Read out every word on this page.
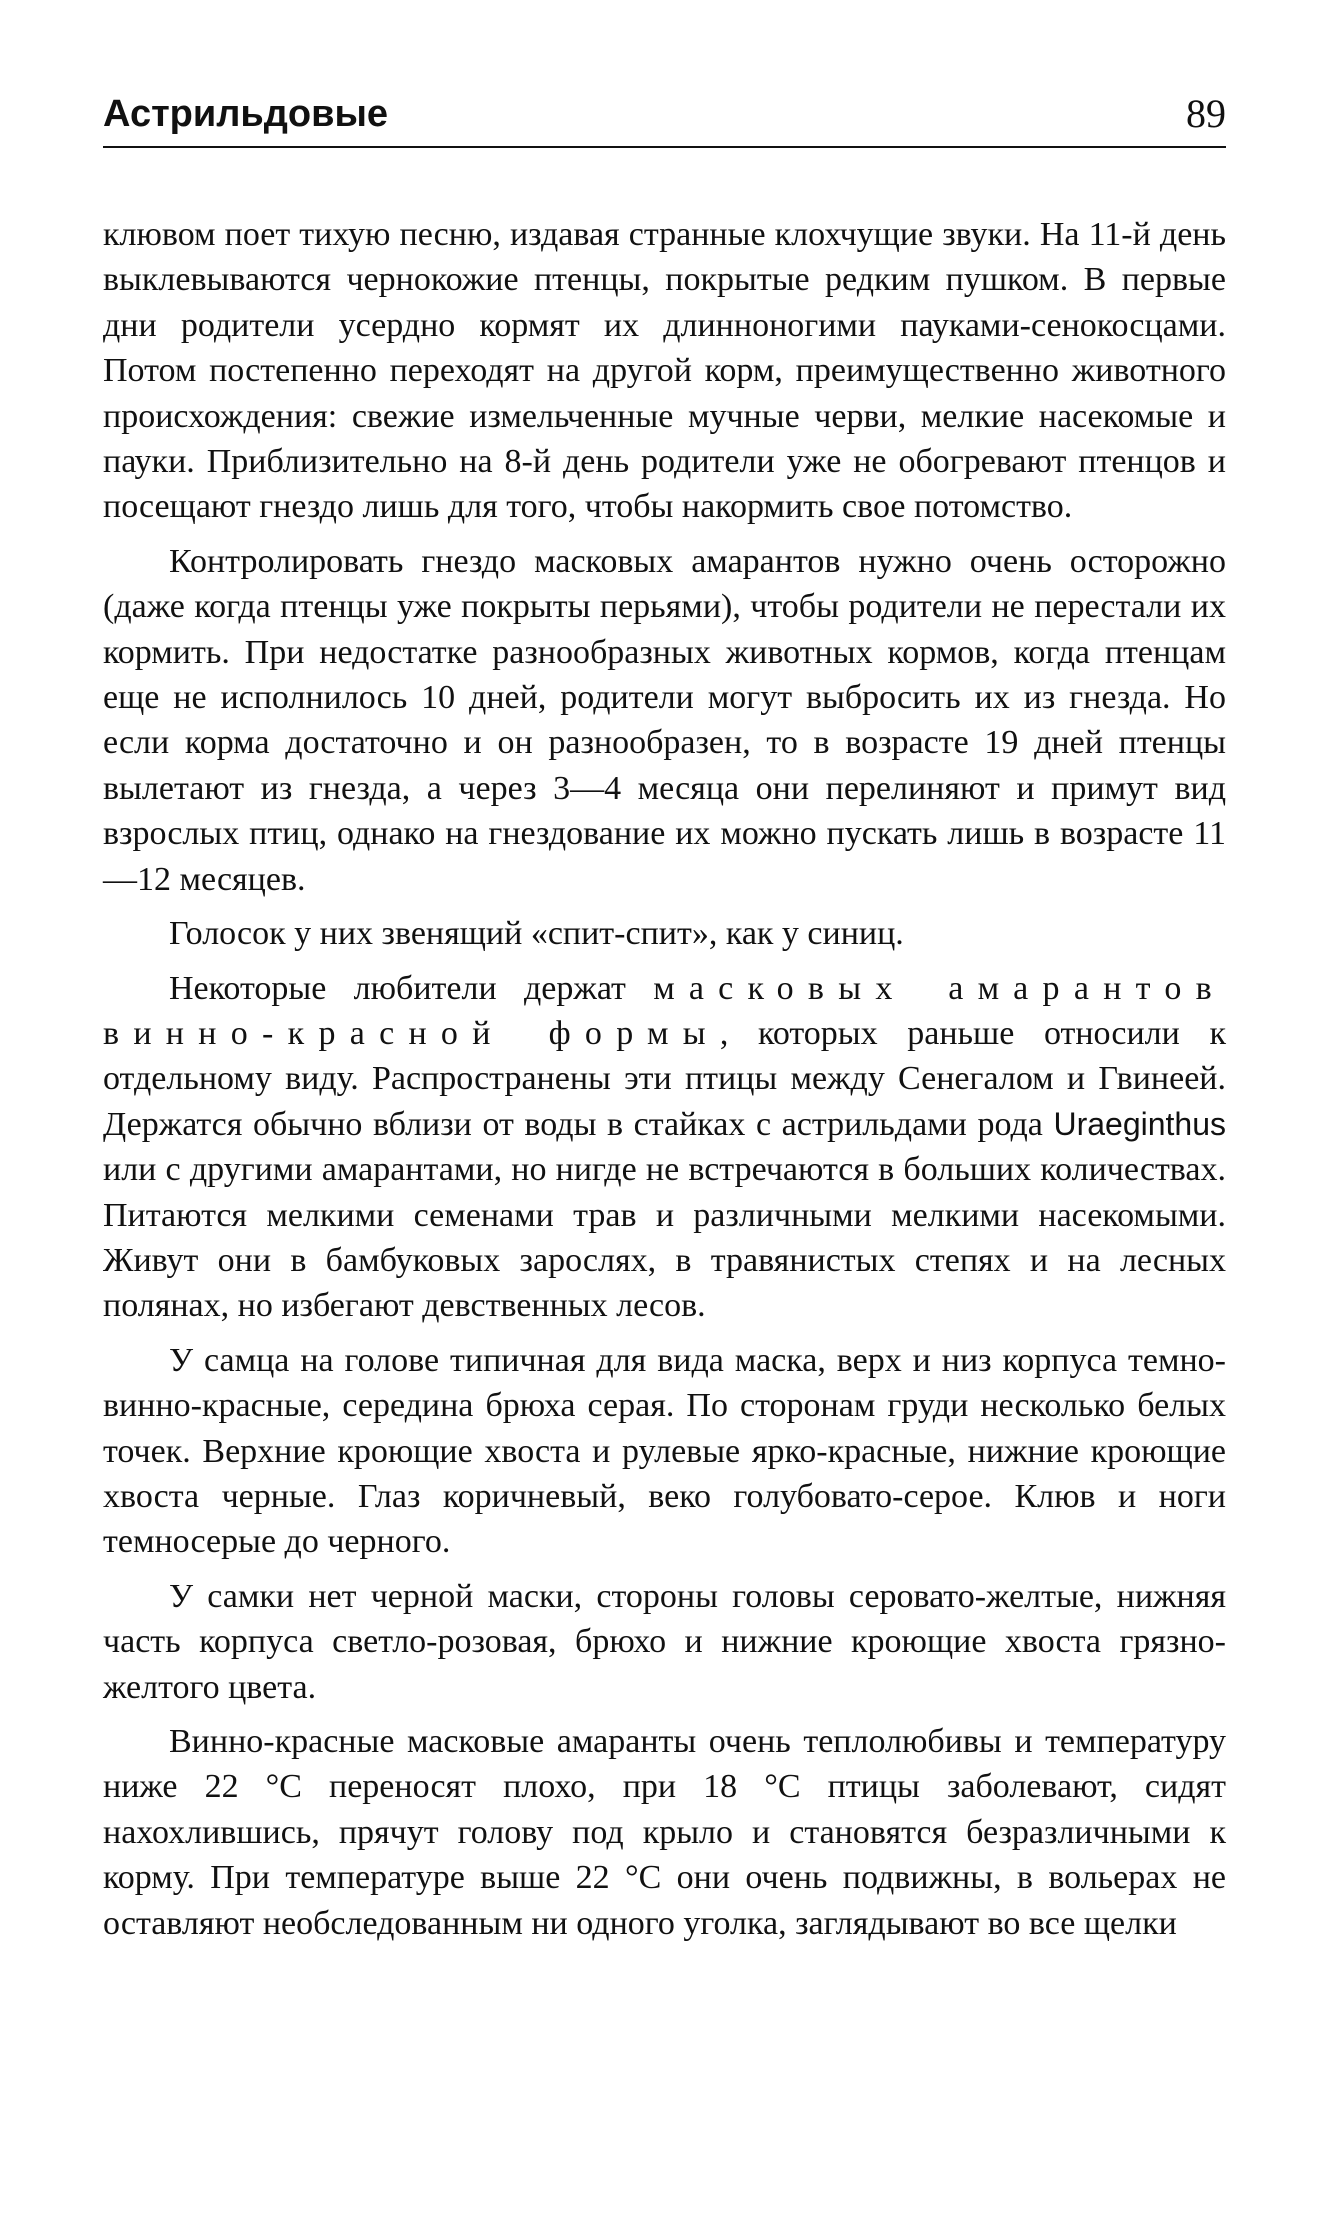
Астрильдовые	89

клювом поет тихую песню, издавая странные клохчущие звуки. На 11-й день выклевываются чернокожие птенцы, покрытые редким пушком. В первые дни родители усердно кормят их длинноногими пауками-сенокосцами. Потом постепенно переходят на другой корм, преимущественно животного происхождения: свежие измельченные мучные черви, мелкие насекомые и пауки. Приблизительно на 8-й день родители уже не обогревают птенцов и посещают гнездо лишь для того, чтобы накормить свое потомство.

Контролировать гнездо масковых амарантов нужно очень осторожно (даже когда птенцы уже покрыты перьями), чтобы родители не перестали их кормить. При недостатке разнообразных животных кормов, когда птенцам еще не исполнилось 10 дней, родители могут выбросить их из гнезда. Но если корма достаточно и он разнообразен, то в возрасте 19 дней птенцы вылетают из гнезда, а через 3—4 месяца они перелиняют и примут вид взрослых птиц, однако на гнездование их можно пускать лишь в возрасте 11—12 месяцев.

Голосок у них звенящий «спит-спит», как у синиц.

Некоторые любители держат масковых амарантов винно-красной формы, которых раньше относили к отдельному виду. Распространены эти птицы между Сенегалом и Гвинеей. Держатся обычно вблизи от воды в стайках с астрильдами рода Uraeginthus или с другими амарантами, но нигде не встречаются в больших количествах. Питаются мелкими семенами трав и различными мелкими насекомыми. Живут они в бамбуковых зарослях, в травянистых степях и на лесных полянах, но избегают девственных лесов.

У самца на голове типичная для вида маска, верх и низ корпуса темно-винно-красные, середина брюха серая. По сторонам груди несколько белых точек. Верхние кроющие хвоста и рулевые ярко-красные, нижние кроющие хвоста черные. Глаз коричневый, веко голубовато-серое. Клюв и ноги темносерые до черного.

У самки нет черной маски, стороны головы серовато-желтые, нижняя часть корпуса светло-розовая, брюхо и нижние кроющие хвоста грязно-желтого цвета.

Винно-красные масковые амаранты очень теплолюбивы и температуру ниже 22 °С переносят плохо, при 18 °С птицы заболевают, сидят нахохлившись, прячут голову под крыло и становятся безразличными к корму. При температуре выше 22 °С они очень подвижны, в вольерах не оставляют необследованным ни одного уголка, заглядывают во все щелки
